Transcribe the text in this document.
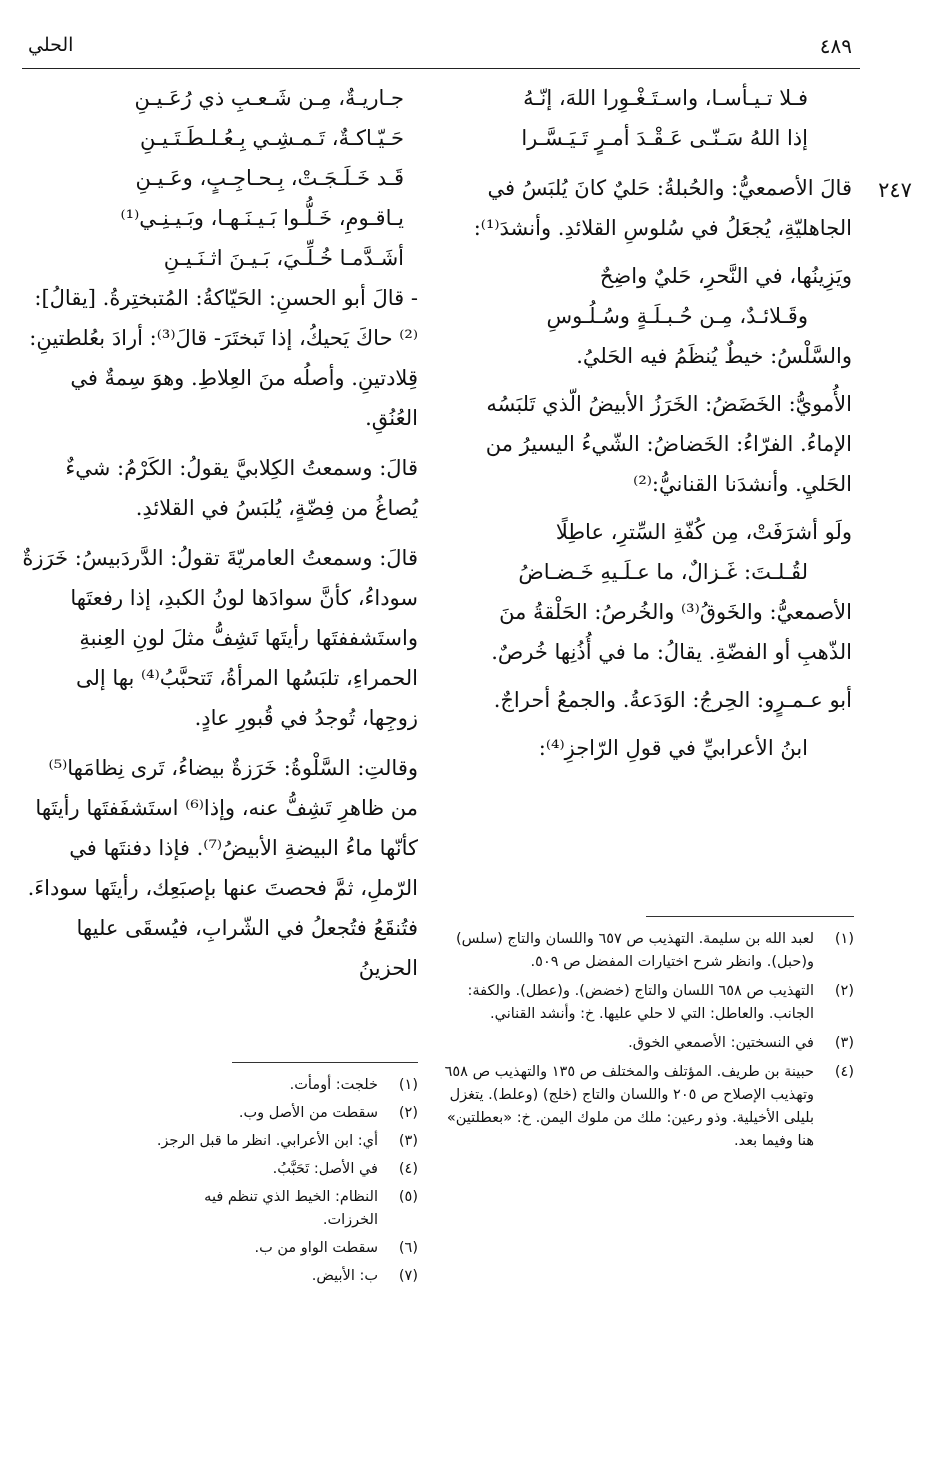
٤٨٩
الحلي
٢٤٧
فـلا تـيـأسـا، واسـتَـغْـوِرا اللهَ، إنّـهُ
إذا اللهُ سَـنّـى عَـقْـدَ أمـرٍ تَـيَـسَّـرا
قالَ الأصمعيُّ: والحُبلةُ: حَليٌ كانَ يُلبَسُ في الجاهليّةِ، يُجعَلُ في سُلوسِ القلائدِ. وأنشدَ⁽¹⁾:
ويَزِينُها، في النَّحرِ، حَليٌ واضِحٌ
وقَـلائـدٌ، مِـن حُـبـلَـةٍ وسُـلُـوسِ
والسَّلْسُ: خيطٌ يُنظَمُ فيه الحَليُ.
الأُمويُّ: الخَضَضُ: الخَرَزُ الأبيضُ الّذي تَلبَسُه الإماءُ. الفرّاءُ: الخَضاضُ: الشّيءُ اليسيرُ من الحَليِ. وأنشدَنا القنانيُّ:⁽²⁾
ولَو أشرَفَتْ، مِن كُفّةِ السِّترِ، عاطِلًا
لقُـلـتَ: غَـزالٌ، ما عـلَـيهِ خَـضـاضُ
الأصمعيُّ: والخَوقُ⁽³⁾ والخُرصُ: الحَلْقةُ منَ الذّهبِ أو الفضّةِ. يقالُ: ما في أُذُنِها خُرصٌ.
أبو عـمـرٍو: الحِرجُ: الوَدَعةُ. والجمعُ أحراجٌ.
ابنُ الأعرابيِّ في قولِ الرّاجزِ⁽⁴⁾:
جـاريـةٌ، مِـن شَـعـبِ ذي رُعَـيـنِ
حَـيّـاكـةٌ، تَـمـشِـي بِـعُـلـطَـتَـيـنِ
قَـد خَـلَـجَـتْ، بِـحـاجِـبٍ، وعَـيـنِ
يـاقـومِ، خَـلُّـوا بَـيـنَـهـا، وبَـيـنِـي⁽¹⁾
أشَـدَّمـا خُـلِّـيَ، بَـيـنَ اثـنَـيـنِ
- قالَ أبو الحسنِ: الحَيّاكةُ: المُتبختِرةُ. [يقالُ]:⁽²⁾ حاكَ يَحيكُ، إذا تَبختَرَ- قالَ⁽³⁾: أرادَ بعُلطتينِ: قِلادتينِ. وأصلُه منَ العِلاطِ. وهوَ سِمةٌ في العُنُقِ.
قالَ: وسمعتُ الكِلابيَّ يقولُ: الكَرْمُ: شيءٌ يُصاغُ من فِضّةٍ، يُلبَسُ في القلائدِ.
قالَ: وسمعتُ العامريّةَ تقولُ: الدَّردَبيسُ: خَرَزةٌ سوداءُ، كأنَّ سوادَها لونُ الكبدِ، إذا رفعتَها واستَشففتَها رأيتَها تَشِفُّ مثلَ لونِ العِنبةِ الحمراءِ، تلبَسُها المرأةُ، تَتحبَّبُ⁽⁴⁾ بها إلى زوجِها، تُوجدُ في قُبورِ عادٍ.
وقالتِ: السَّلْوةُ: خَرَزةٌ بيضاءُ، تَرى نِظامَها⁽⁵⁾ من ظاهرِ تَشِفُّ عنه، وإذا⁽⁶⁾ استَشفَفتَها رأيتَها كأنّها ماءُ البيضةِ الأبيضُ⁽⁷⁾. فإذا دفنتَها في الرّملِ، ثمَّ فحصتَ عنها بإصبَعِك، رأيتَها سوداءَ. فتُنقَعُ فتُجعلُ في الشّرابِ، فيُسقَى عليها الحزينُ
(١)
لعبد الله بن سليمة. التهذيب ص ٦٥٧ واللسان والتاج (سلس) و(حبل). وانظر شرح اختيارات المفضل ص ٥٠٩.
(٢)
التهذيب ص ٦٥٨ اللسان والتاج (خضض). و(عطل). والكفة: الجانب. والعاطل: التي لا حلي عليها. خ: وأنشد القناني.
(٣)
في النسختين: الأصمعي الخوق.
(٤)
حبينة بن طريف. المؤتلف والمختلف ص ١٣٥ والتهذيب ص ٦٥٨ وتهذيب الإصلاح ص ٢٠٥ واللسان والتاج (خلج) (وعلط). يتغزل بليلى الأخيلية. وذو رعين: ملك من ملوك اليمن. خ: «بعطلتين» هنا وفيما بعد.
(١)
خلجت: أومأت.
(٢)
سقطت من الأصل وب.
(٣)
أي: ابن الأعرابي. انظر ما قبل الرجز.
(٤)
في الأصل: تَحَبَّبُ.
(٥)
النظام: الخيط الذي تنظم فيه الخرزات.
(٦)
سقطت الواو من ب.
(٧)
ب: الأبيض.
